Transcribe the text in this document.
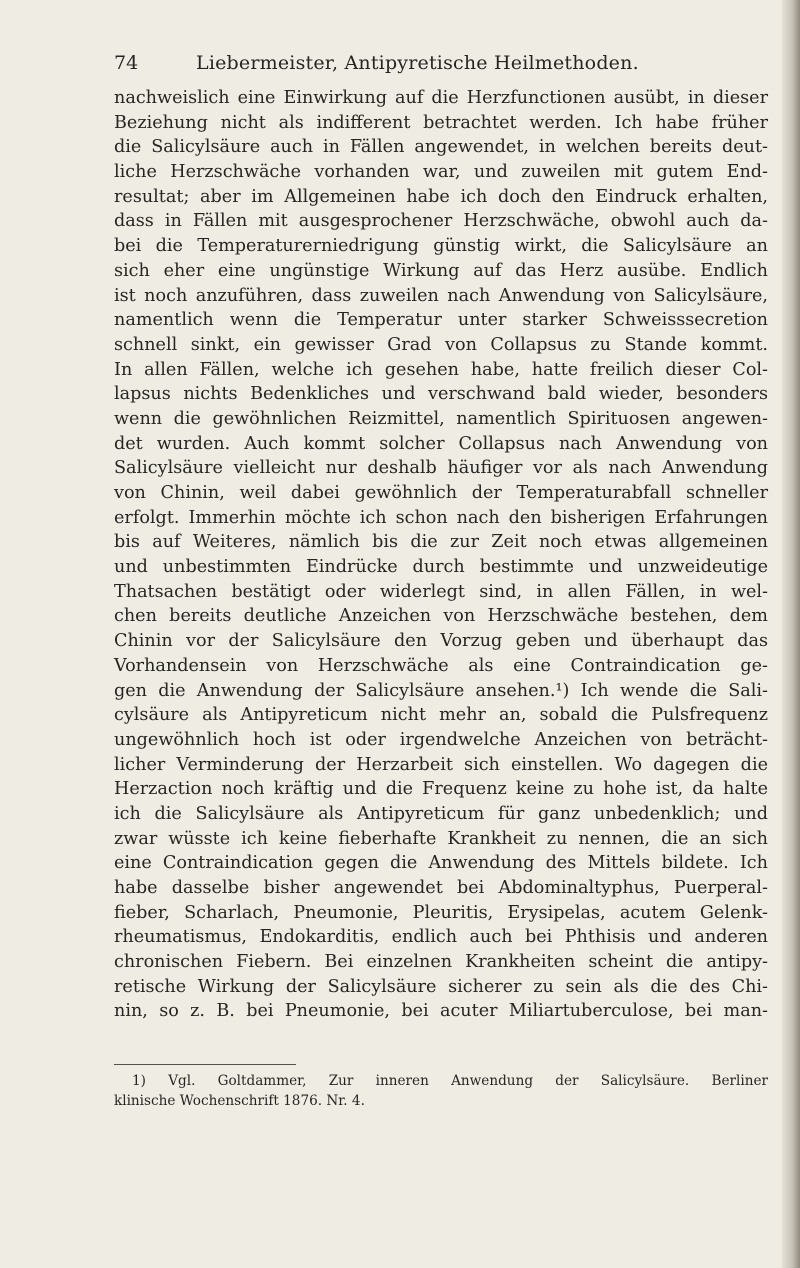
74	Liebermeister, Antipyretische Heilmethoden.
nachweislich eine Einwirkung auf die Herzfunctionen ausübt, in dieser
Beziehung nicht als indifferent betrachtet werden. Ich habe früher
die Salicylsäure auch in Fällen angewendet, in welchen bereits deut-
liche Herzschwäche vorhanden war, und zuweilen mit gutem End-
resultat; aber im Allgemeinen habe ich doch den Eindruck erhalten,
dass in Fällen mit ausgesprochener Herzschwäche, obwohl auch da-
bei die Temperaturerniedrigung günstig wirkt, die Salicylsäure an
sich eher eine ungünstige Wirkung auf das Herz ausübe. Endlich
ist noch anzuführen, dass zuweilen nach Anwendung von Salicylsäure,
namentlich wenn die Temperatur unter starker Schweisssecretion
schnell sinkt, ein gewisser Grad von Collapsus zu Stande kommt.
In allen Fällen, welche ich gesehen habe, hatte freilich dieser Col-
lapsus nichts Bedenkliches und verschwand bald wieder, besonders
wenn die gewöhnlichen Reizmittel, namentlich Spirituosen angewen-
det wurden. Auch kommt solcher Collapsus nach Anwendung von
Salicylsäure vielleicht nur deshalb häufiger vor als nach Anwendung
von Chinin, weil dabei gewöhnlich der Temperaturabfall schneller
erfolgt. Immerhin möchte ich schon nach den bisherigen Erfahrungen
bis auf Weiteres, nämlich bis die zur Zeit noch etwas allgemeinen
und unbestimmten Eindrücke durch bestimmte und unzweideutige
Thatsachen bestätigt oder widerlegt sind, in allen Fällen, in wel-
chen bereits deutliche Anzeichen von Herzschwäche bestehen, dem
Chinin vor der Salicylsäure den Vorzug geben und überhaupt das
Vorhandensein von Herzschwäche als eine Contraindication ge-
gen die Anwendung der Salicylsäure ansehen.¹) Ich wende die Sali-
cylsäure als Antipyreticum nicht mehr an, sobald die Pulsfrequenz
ungewöhnlich hoch ist oder irgendwelche Anzeichen von beträcht-
licher Verminderung der Herzarbeit sich einstellen. Wo dagegen die
Herzaction noch kräftig und die Frequenz keine zu hohe ist, da halte
ich die Salicylsäure als Antipyreticum für ganz unbedenklich; und
zwar wüsste ich keine fieberhafte Krankheit zu nennen, die an sich
eine Contraindication gegen die Anwendung des Mittels bildete. Ich
habe dasselbe bisher angewendet bei Abdominaltyphus, Puerperal-
fieber, Scharlach, Pneumonie, Pleuritis, Erysipelas, acutem Gelenk-
rheumatismus, Endokarditis, endlich auch bei Phthisis und anderen
chronischen Fiebern. Bei einzelnen Krankheiten scheint die antipy-
retische Wirkung der Salicylsäure sicherer zu sein als die des Chi-
nin, so z. B. bei Pneumonie, bei acuter Miliartuberculose, bei man-
1) Vgl. Goltdammer, Zur inneren Anwendung der Salicylsäure. Berliner
klinische Wochenschrift 1876. Nr. 4.
